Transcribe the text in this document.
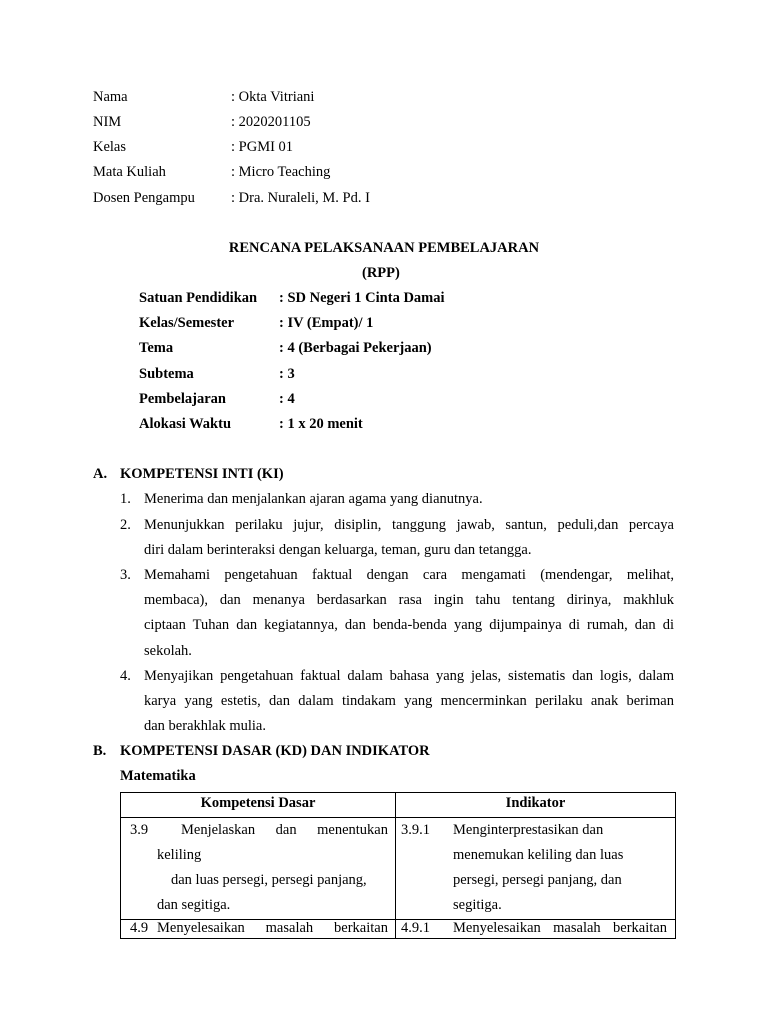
Nama	: Okta Vitriani
NIM	: 2020201105
Kelas	: PGMI 01
Mata Kuliah	: Micro Teaching
Dosen Pengampu : Dra. Nuraleli, M. Pd. I
RENCANA PELAKSANAAN PEMBELAJARAN
(RPP)
Satuan Pendidikan : SD Negeri 1 Cinta Damai
Kelas/Semester	: IV (Empat)/ 1
Tema	: 4 (Berbagai Pekerjaan)
Subtema	: 3
Pembelajaran	: 4
Alokasi Waktu	: 1 x 20 menit
A. KOMPETENSI INTI (KI)
1. Menerima dan menjalankan ajaran agama yang dianutnya.
2. Menunjukkan perilaku jujur, disiplin, tanggung jawab, santun, peduli,dan percaya
diri dalam berinteraksi dengan keluarga, teman, guru dan tetangga.
3. Memahami pengetahuan faktual dengan cara mengamati (mendengar, melihat,
membaca), dan menanya berdasarkan rasa ingin tahu tentang dirinya, makhluk
ciptaan Tuhan dan kegiatannya, dan benda-benda yang dijumpainya di rumah, dan di
sekolah.
4. Menyajikan pengetahuan faktual dalam bahasa yang jelas, sistematis dan logis, dalam
karya yang estetis, dan dalam tindakam yang mencerminkan perilaku anak beriman
dan berakhlak mulia.
B. KOMPETENSI DASAR (KD) DAN INDIKATOR
Matematika
Kompetensi Dasar	Indikator

3.9 Menjelaskan    dan    menentukan
keliling
dan luas persegi, persegi panjang,
dan segitiga.	3.9.1 Menginterprestasikan dan
menemukan keliling dan luas
persegi, persegi panjang, dan
segitiga.

4.9 Menyelesaikan   masalah   berkaitan	4.9.1 Menyelesaikan masalah berkaitan
